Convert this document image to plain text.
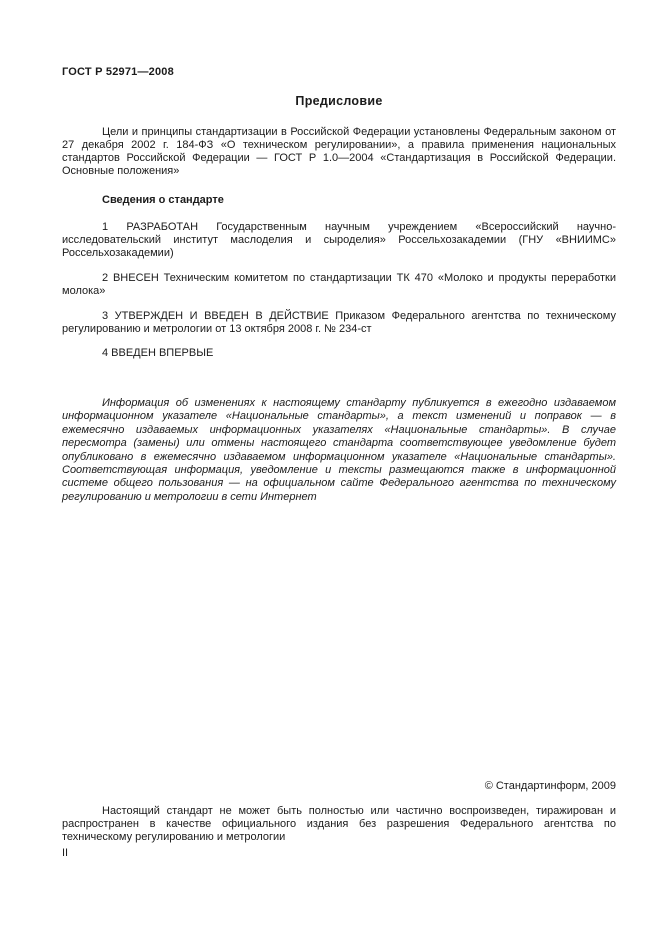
ГОСТ Р 52971—2008
Предисловие
Цели и принципы стандартизации в Российской Федерации установлены Федеральным законом от 27 декабря 2002 г. 184-ФЗ «О техническом регулировании», а правила применения национальных стандартов Российской Федерации — ГОСТ Р 1.0—2004 «Стандартизация в Российской Федерации. Основные положения»
Сведения о стандарте
1 РАЗРАБОТАН Государственным научным учреждением «Всероссийский научно-исследовательский институт маслоделия и сыроделия» Россельхозакадемии (ГНУ «ВНИИМС» Россельхозакадемии)
2 ВНЕСЕН Техническим комитетом по стандартизации ТК 470 «Молоко и продукты переработки молока»
3 УТВЕРЖДЕН И ВВЕДЕН В ДЕЙСТВИЕ Приказом Федерального агентства по техническому регулированию и метрологии от 13 октября 2008 г. № 234-ст
4 ВВЕДЕН ВПЕРВЫЕ
Информация об изменениях к настоящему стандарту публикуется в ежегодно издаваемом информационном указателе «Национальные стандарты», а текст изменений и поправок — в ежемесячно издаваемых информационных указателях «Национальные стандарты». В случае пересмотра (замены) или отмены настоящего стандарта соответствующее уведомление будет опубликовано в ежемесячно издаваемом информационном указателе «Национальные стандарты». Соответствующая информация, уведомление и тексты размещаются также в информационной системе общего пользования — на официальном сайте Федерального агентства по техническому регулированию и метрологии в сети Интернет
© Стандартинформ, 2009
Настоящий стандарт не может быть полностью или частично воспроизведен, тиражирован и распространен в качестве официального издания без разрешения Федерального агентства по техническому регулированию и метрологии
II
